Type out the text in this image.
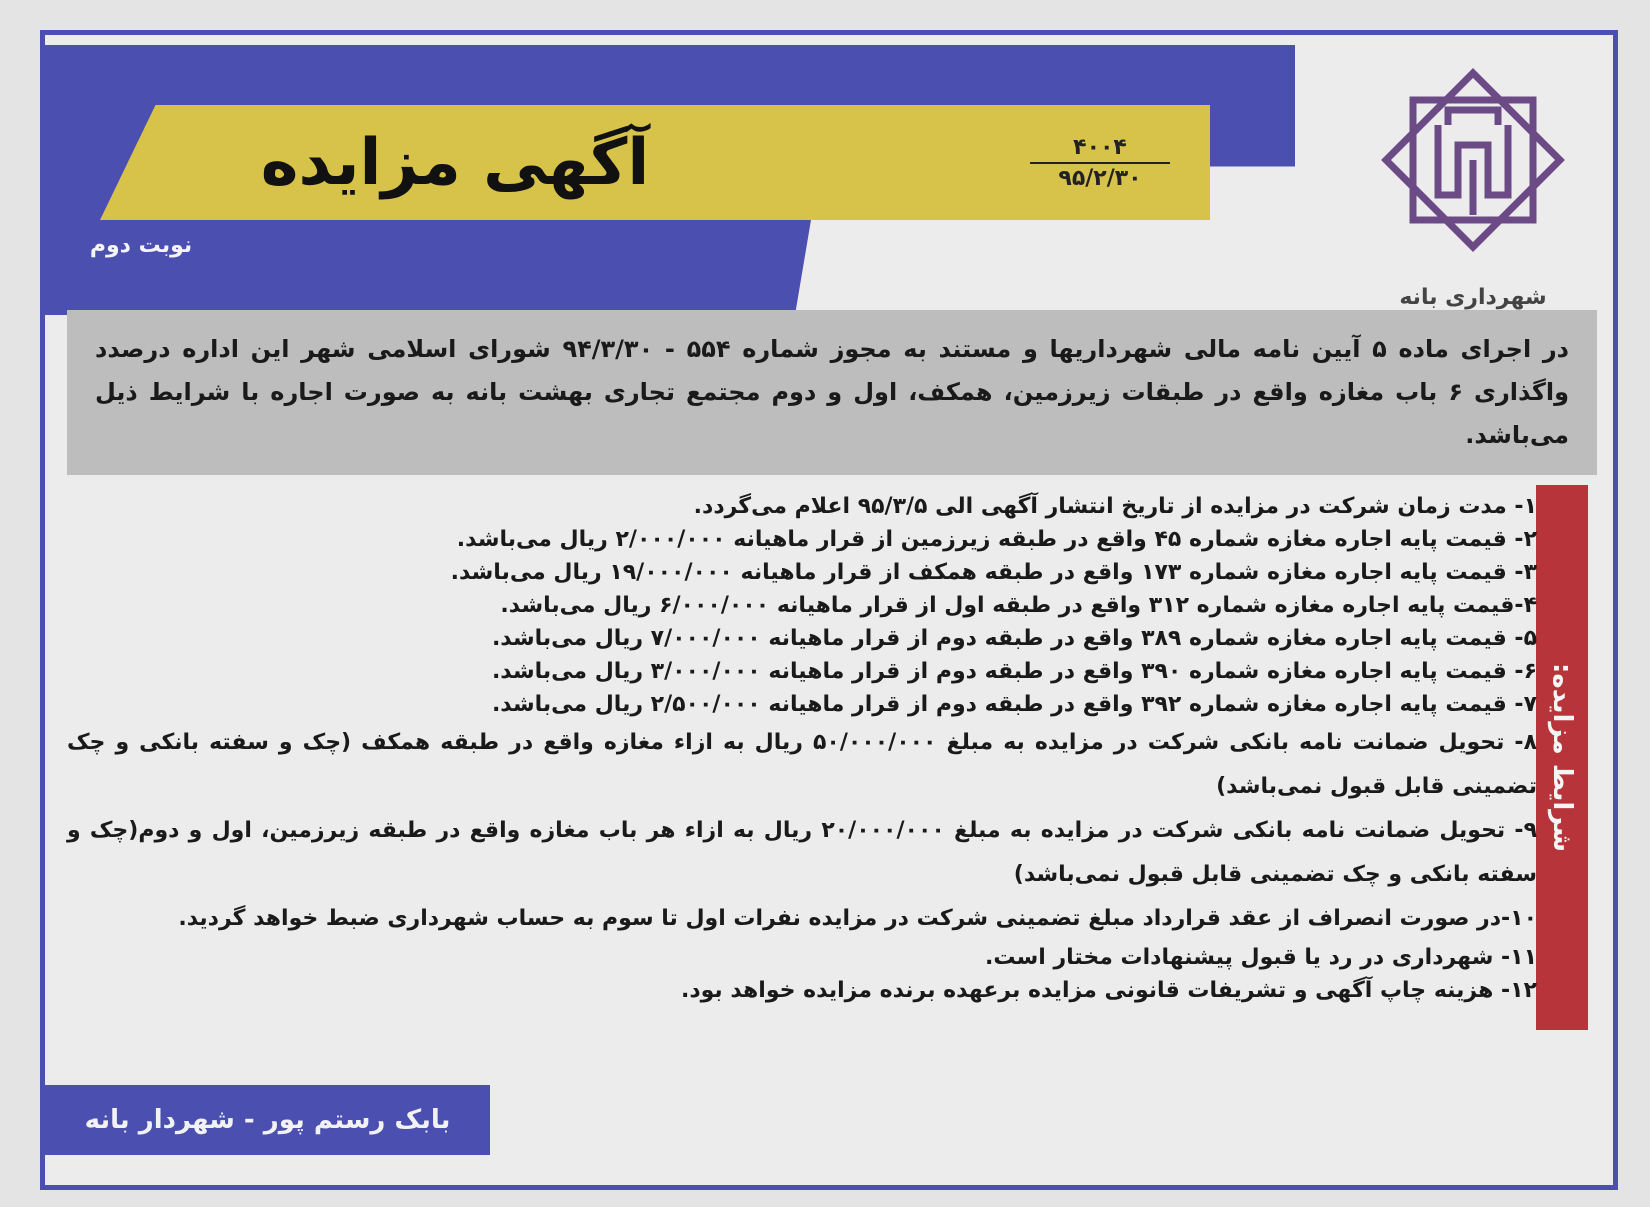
آگهی مزایده	۴۰۰۴
۹۵/۲/۳۰
نوبت دوم
شهرداری بانه
در اجرای ماده ۵ آیین نامه مالی شهرداریها و مستند به مجوز شماره ۵۵۴ - ۹۴/۳/۳۰ شورای اسلامی شهر این اداره درصدد واگذاری ۶ باب مغازه واقع در طبقات زیرزمین، همکف، اول و دوم مجتمع تجاری بهشت بانه به صورت اجاره با شرایط ذیل می‌باشد.
شرایط مزایده:
۱- مدت زمان شرکت در مزایده از تاریخ انتشار آگهی الی ۹۵/۳/۵ اعلام می‌گردد.
۲- قیمت پایه اجاره مغازه شماره ۴۵ واقع در طبقه زیرزمین از قرار ماهیانه ۲/۰۰۰/۰۰۰ ریال می‌باشد.
۳- قیمت پایه اجاره مغازه شماره ۱۷۳ واقع در طبقه همکف از قرار ماهیانه ۱۹/۰۰۰/۰۰۰ ریال می‌باشد.
۴-قیمت پایه اجاره مغازه شماره ۳۱۲ واقع در طبقه اول از قرار ماهیانه ۶/۰۰۰/۰۰۰ ریال می‌باشد.
۵- قیمت پایه اجاره مغازه شماره ۳۸۹ واقع در طبقه دوم از قرار ماهیانه ۷/۰۰۰/۰۰۰ ریال می‌باشد.
۶- قیمت پایه اجاره مغازه شماره ۳۹۰ واقع در طبقه دوم از قرار ماهیانه ۳/۰۰۰/۰۰۰ ریال می‌باشد.
۷- قیمت پایه اجاره مغازه شماره ۳۹۲ واقع در طبقه دوم از قرار ماهیانه ۲/۵۰۰/۰۰۰ ریال می‌باشد.
۸- تحویل ضمانت نامه بانکی شرکت در مزایده به مبلغ ۵۰/۰۰۰/۰۰۰ ریال به ازاء مغازه واقع در طبقه همکف (چک و سفته بانکی و چک تضمینی قابل قبول نمی‌باشد)
۹- تحویل ضمانت نامه بانکی شرکت در مزایده به مبلغ ۲۰/۰۰۰/۰۰۰ ریال به ازاء هر باب مغازه واقع در طبقه زیرزمین، اول و دوم(چک و سفته بانکی و چک تضمینی قابل قبول نمی‌باشد)
۱۰-در صورت انصراف از عقد قرارداد مبلغ تضمینی شرکت در مزایده نفرات اول تا سوم به حساب شهرداری ضبط خواهد گردید.
۱۱- شهرداری در رد یا قبول پیشنهادات مختار است.
۱۲- هزینه چاپ آگهی و تشریفات قانونی مزایده برعهده برنده مزایده خواهد بود.
بابک رستم پور - شهردار بانه
